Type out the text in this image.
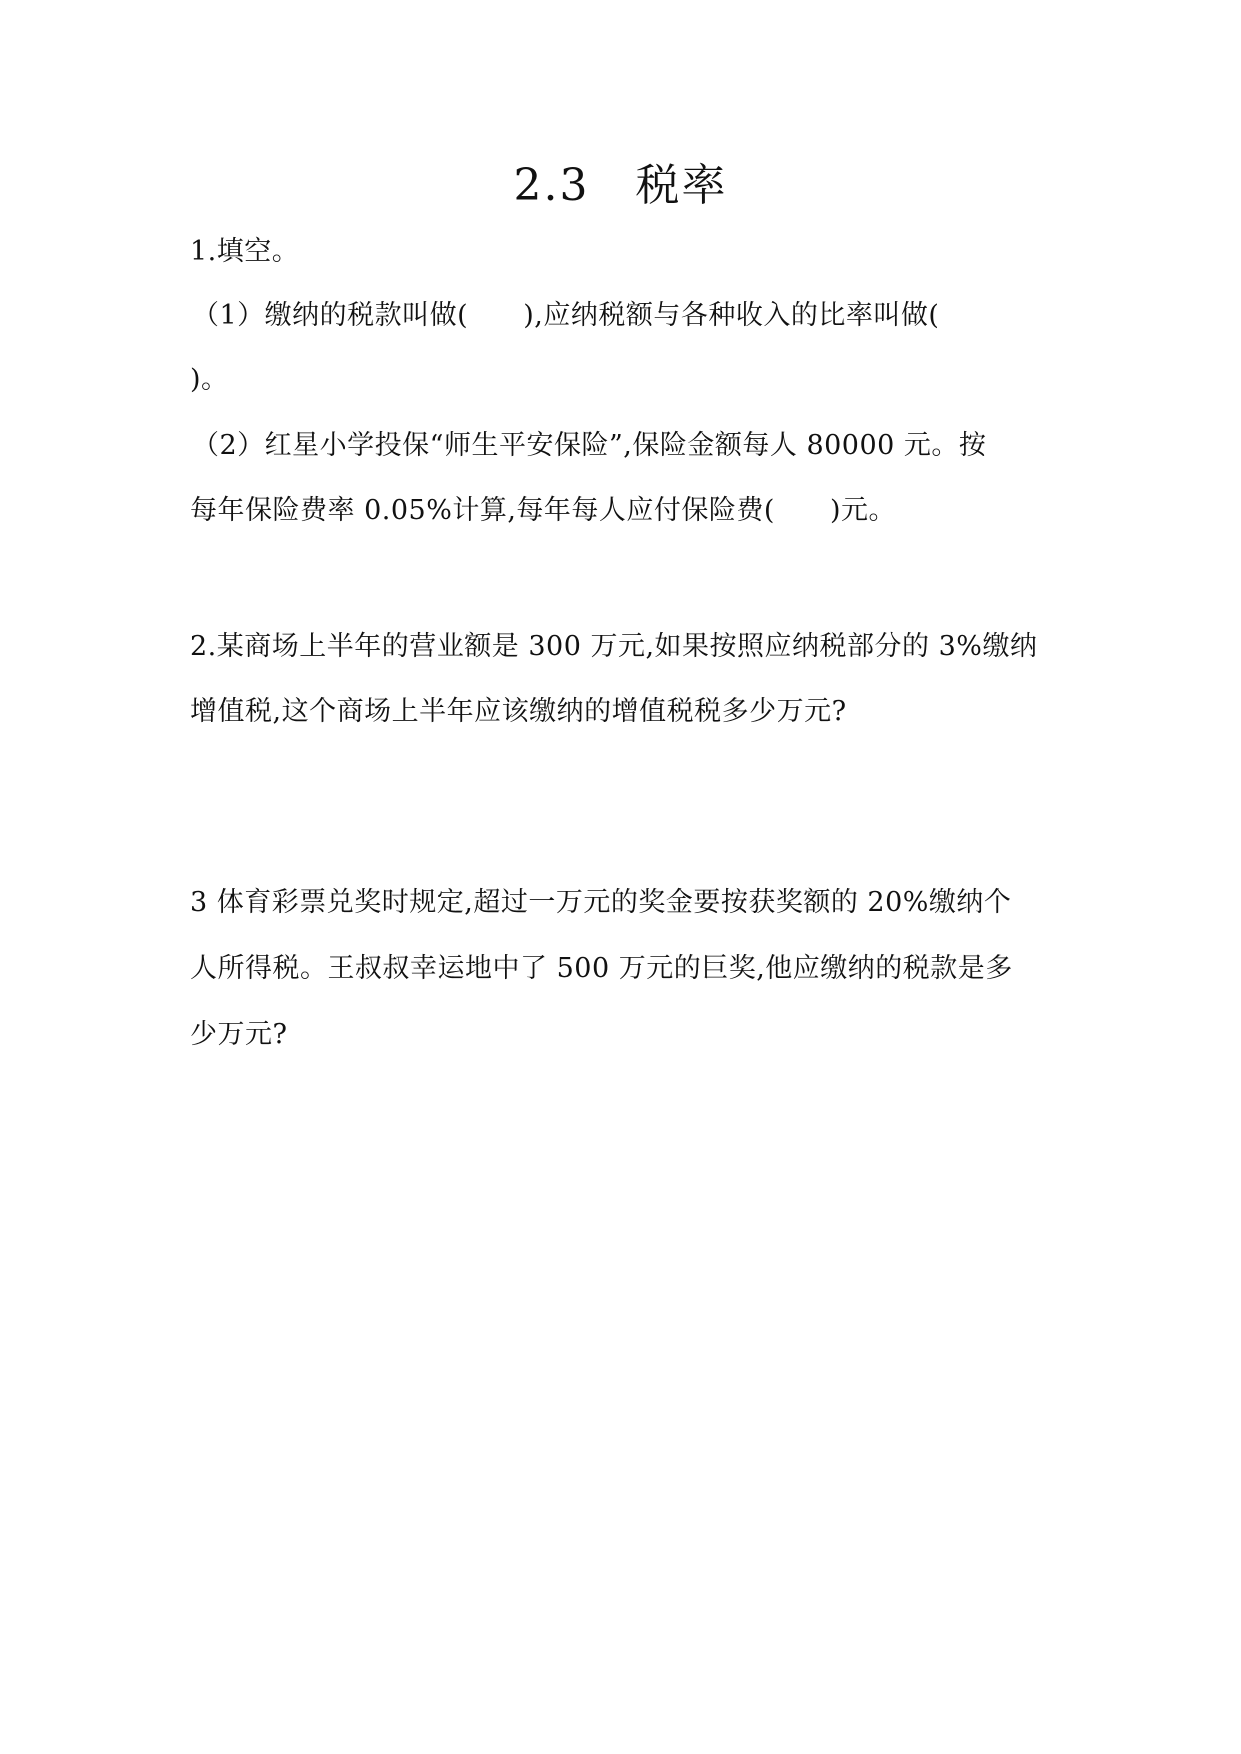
2.3　税率
1.填空。
（1）缴纳的税款叫做(　　),应纳税额与各种收入的比率叫做(
)。
（2）红星小学投保“师生平安保险”,保险金额每人 80000 元。按
每年保险费率 0.05%计算,每年每人应付保险费(　　)元。
2.某商场上半年的营业额是 300 万元,如果按照应纳税部分的 3%缴纳
增值税,这个商场上半年应该缴纳的增值税税多少万元?
3 体育彩票兑奖时规定,超过一万元的奖金要按获奖额的 20%缴纳个
人所得税。王叔叔幸运地中了 500 万元的巨奖,他应缴纳的税款是多
少万元?
